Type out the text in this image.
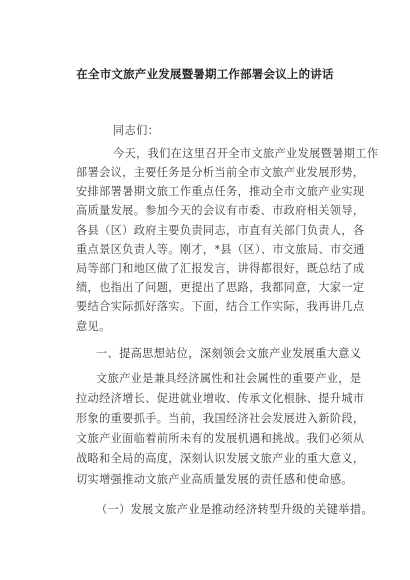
在全市文旅产业发展暨暑期工作部署会议上的讲话
同志们：
今天，我们在这里召开全市文旅产业发展暨暑期工作
部署会议，主要任务是分析当前全市文旅产业发展形势，
安排部署暑期文旅工作重点任务，推动全市文旅产业实现
高质量发展。参加今天的会议有市委、市政府相关领导，
各县（区）政府主要负责同志，市直有关部门负责人，各
重点景区负责人等。刚才，*县（区）、市文旅局、市交通
局等部门和地区做了汇报发言，讲得都很好，既总结了成
绩，也指出了问题，更提出了思路，我都同意，大家一定
要结合实际抓好落实。下面，结合工作实际，我再讲几点
意见。
一、提高思想站位，深刻领会文旅产业发展重大意义
文旅产业是兼具经济属性和社会属性的重要产业，是
拉动经济增长、促进就业增收、传承文化根脉、提升城市
形象的重要抓手。当前，我国经济社会发展进入新阶段，
文旅产业面临着前所未有的发展机遇和挑战。我们必须从
战略和全局的高度，深刻认识发展文旅产业的重大意义，
切实增强推动文旅产业高质量发展的责任感和使命感。
（一）发展文旅产业是推动经济转型升级的关键举措。
